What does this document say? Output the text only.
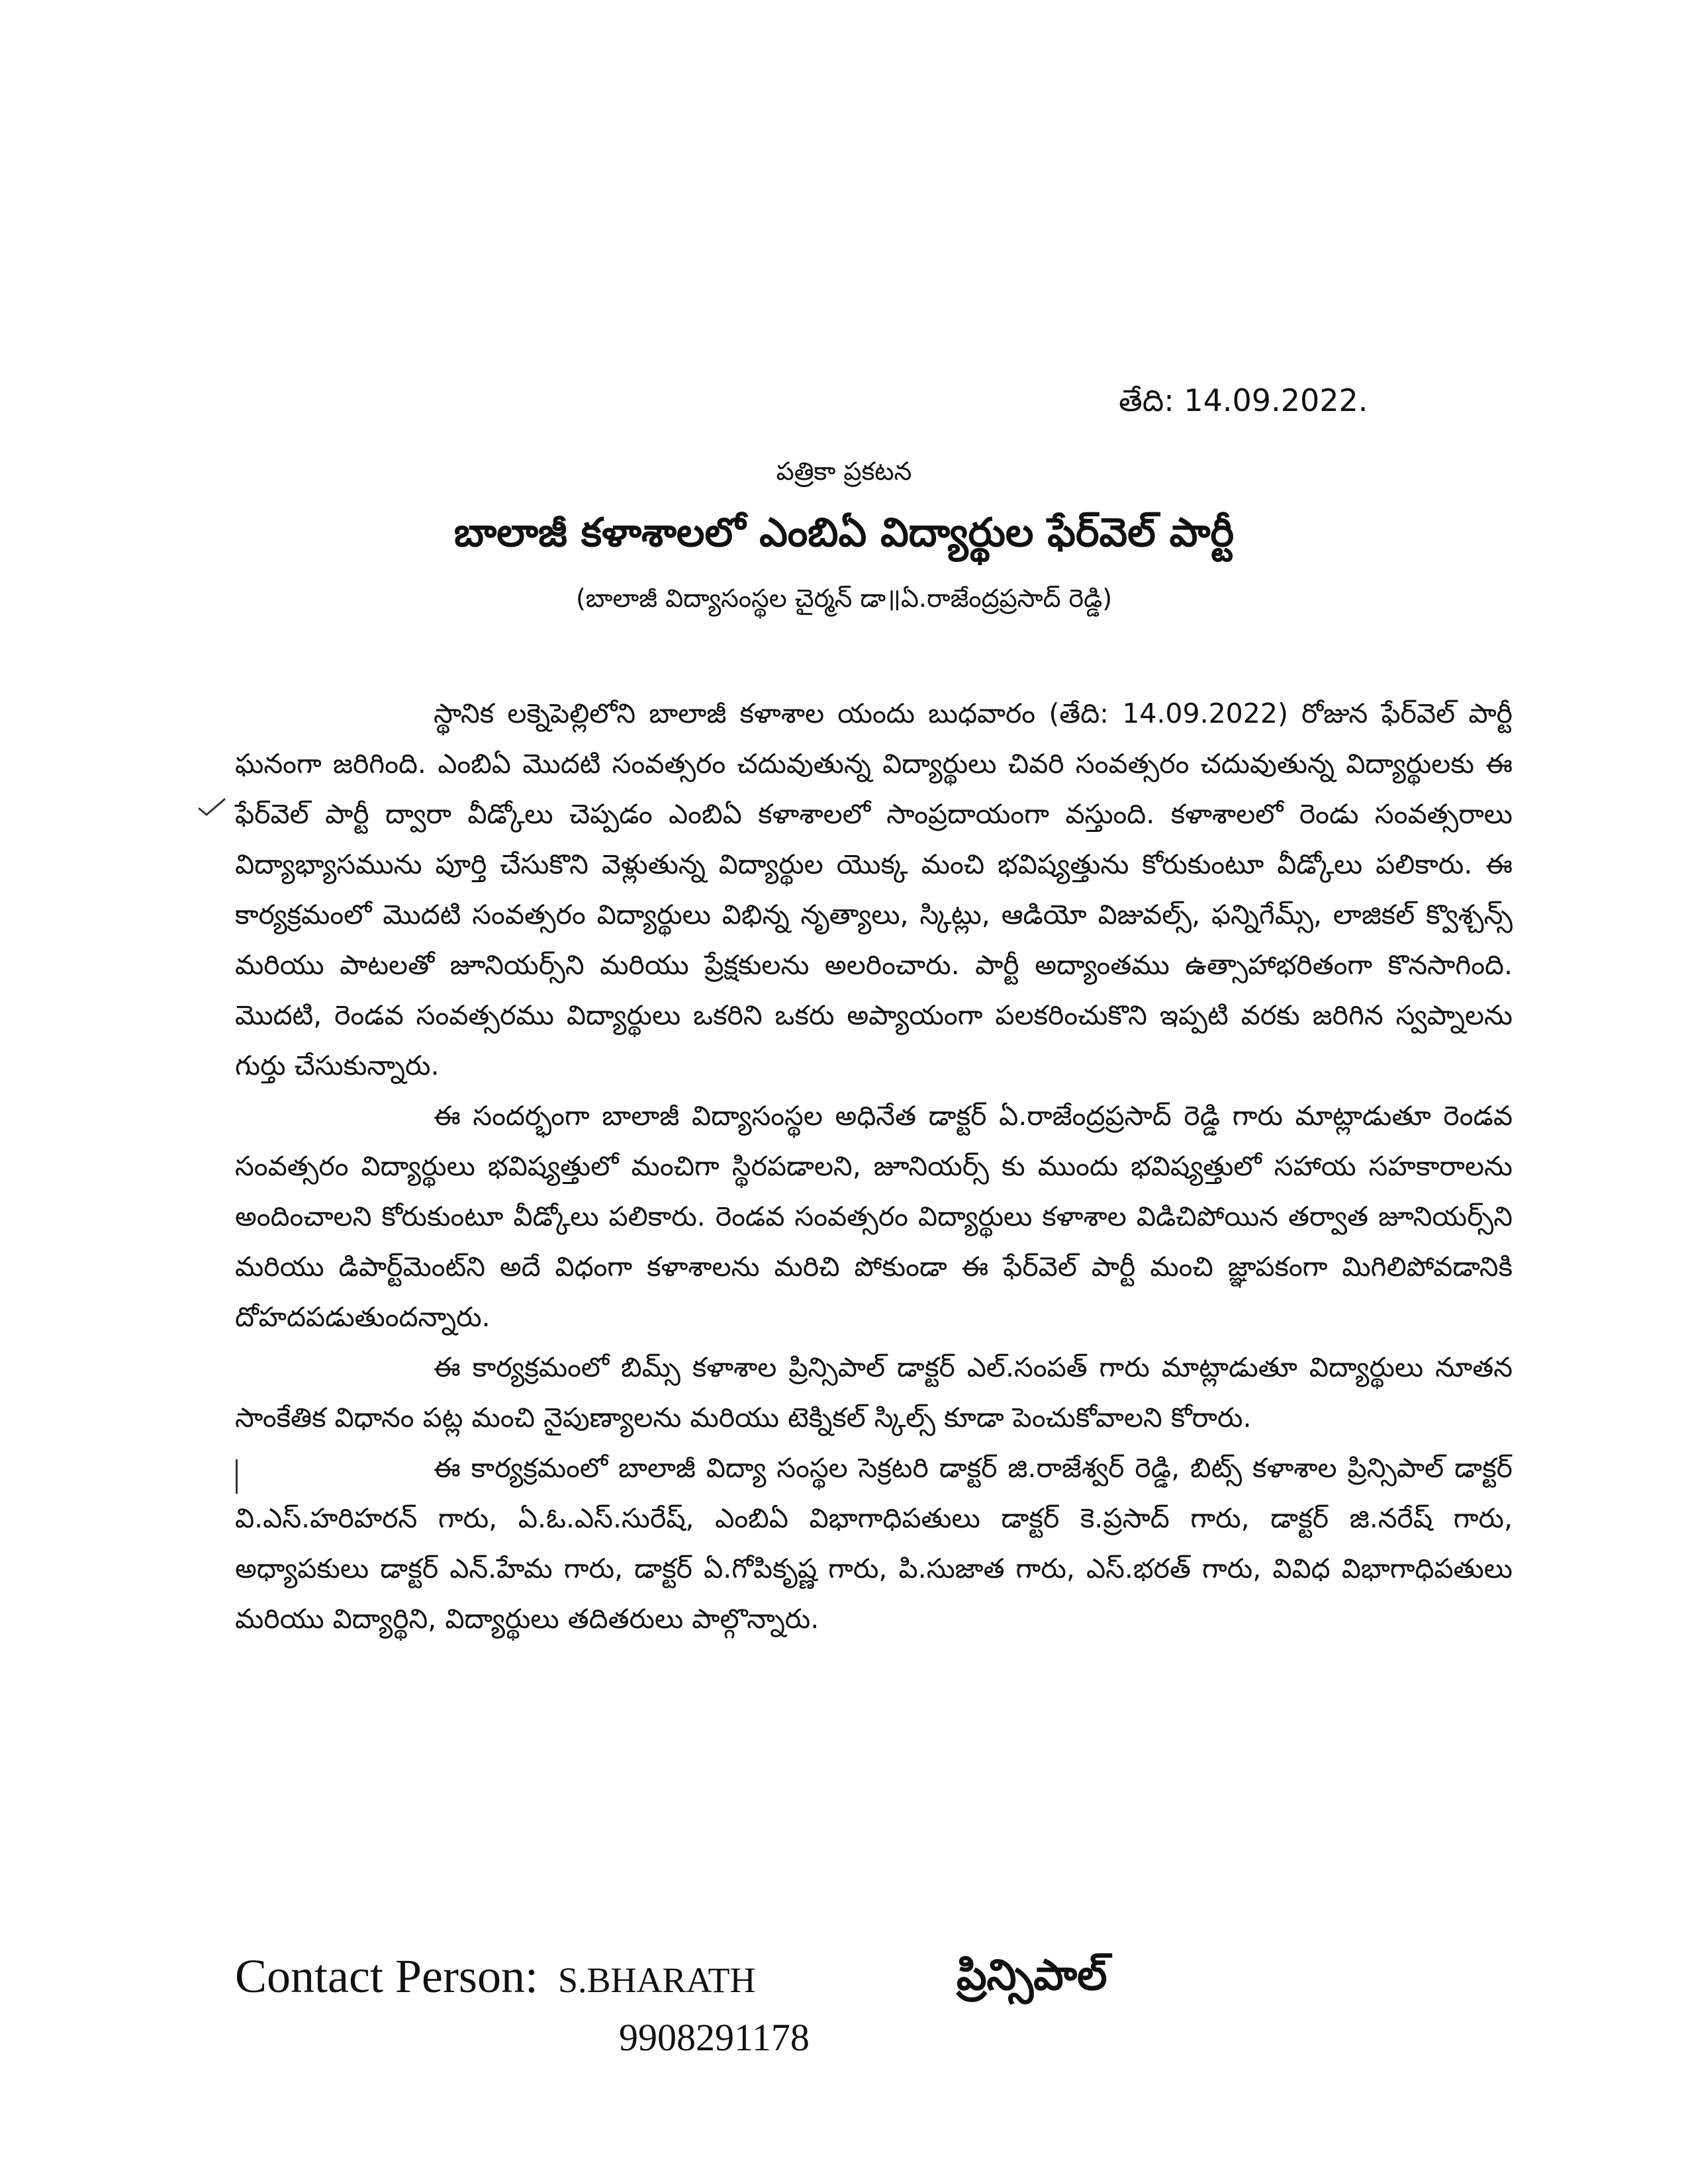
తేది: 14.09.2022.
పత్రికా ప్రకటన
బాలాజీ కళాశాలలో ఎంబిఏ విద్యార్థుల ఫేర్‌వెల్ పార్టీ
(బాలాజీ విద్యాసంస్థల చైర్మన్ డా॥ఏ.రాజేంద్రప్రసాద్ రెడ్డి)

స్థానిక లక్నెపెల్లిలోని బాలాజీ కళాశాల యందు బుధవారం (తేది: 14.09.2022) రోజున ఫేర్‌వెల్ పార్టీ ఘనంగా జరిగింది. ఎంబిఏ మొదటి సంవత్సరం చదువుతున్న విద్యార్థులు చివరి సంవత్సరం చదువుతున్న విద్యార్థులకు ఈ ఫేర్‌వెల్ పార్టీ ద్వారా వీడ్కోలు చెప్పడం ఎంబిఏ కళాశాలలో సాంప్రదాయంగా వస్తుంది. కళాశాలలో రెండు సంవత్సరాలు విద్యాభ్యాసమును పూర్తి చేసుకొని వెళ్లుతున్న విద్యార్థుల యొక్క మంచి భవిష్యత్తును కోరుకుంటూ వీడ్కోలు పలికారు. ఈ కార్యక్రమంలో మొదటి సంవత్సరం విద్యార్థులు విభిన్న నృత్యాలు, స్కిట్లు, ఆడియో విజువల్స్, ఫన్నిగేమ్స్, లాజికల్ క్వొశ్చన్స్ మరియు పాటలతో జూనియర్స్‌ని మరియు ప్రేక్షకులను అలరించారు. పార్టీ అద్యాంతము ఉత్సాహాభరితంగా కొనసాగింది. మొదటి, రెండవ సంవత్సరము విద్యార్థులు ఒకరిని ఒకరు అప్యాయంగా పలకరించుకొని ఇప్పటి వరకు జరిగిన స్వప్నాలను గుర్తు చేసుకున్నారు.

ఈ సందర్భంగా బాలాజీ విద్యాసంస్థల అధినేత డాక్టర్ ఏ.రాజేంద్రప్రసాద్ రెడ్డి గారు మాట్లాడుతూ రెండవ సంవత్సరం విద్యార్థులు భవిష్యత్తులో మంచిగా స్థిరపడాలని, జూనియర్స్ కు ముందు భవిష్యత్తులో సహాయ సహకారాలను అందించాలని కోరుకుంటూ వీడ్కోలు పలికారు. రెండవ సంవత్సరం విద్యార్థులు కళాశాల విడిచిపోయిన తర్వాత జూనియర్స్‌ని మరియు డిపార్ట్‌మెంట్‌ని అదే విధంగా కళాశాలను మరిచి పోకుండా ఈ ఫేర్‌వెల్ పార్టీ మంచి జ్ఞాపకంగా మిగిలిపోవడానికి దోహదపడుతుందన్నారు.

ఈ కార్యక్రమంలో బిమ్స్ కళాశాల ప్రిన్సిపాల్ డాక్టర్ ఎల్.సంపత్ గారు మాట్లాడుతూ విద్యార్థులు నూతన సాంకేతిక విధానం పట్ల మంచి నైపుణ్యాలను మరియు టెక్నికల్ స్కిల్స్ కూడా పెంచుకోవాలని కోరారు.

ఈ కార్యక్రమంలో బాలాజీ విద్యా సంస్థల సెక్రటరి డాక్టర్ జి.రాజేశ్వర్ రెడ్డి, బిట్స్ కళాశాల ప్రిన్సిపాల్ డాక్టర్ వి.ఎస్.హరిహరన్ గారు, ఏ.ఓ.ఎస్.సురేష్, ఎంబిఏ విభాగాధిపతులు డాక్టర్ కె.ప్రసాద్ గారు, డాక్టర్ జి.నరేష్ గారు, అధ్యాపకులు డాక్టర్ ఎన్.హేమ గారు, డాక్టర్ ఏ.గోపికృష్ణ గారు, పి.సుజాత గారు, ఎస్.భరత్ గారు, వివిధ విభాగాధిపతులు మరియు విద్యార్థిని, విద్యార్థులు తదితరులు పాల్గొన్నారు.

Contact Person: S.BHARATH
9908291178
ప్రిన్సిపాల్
